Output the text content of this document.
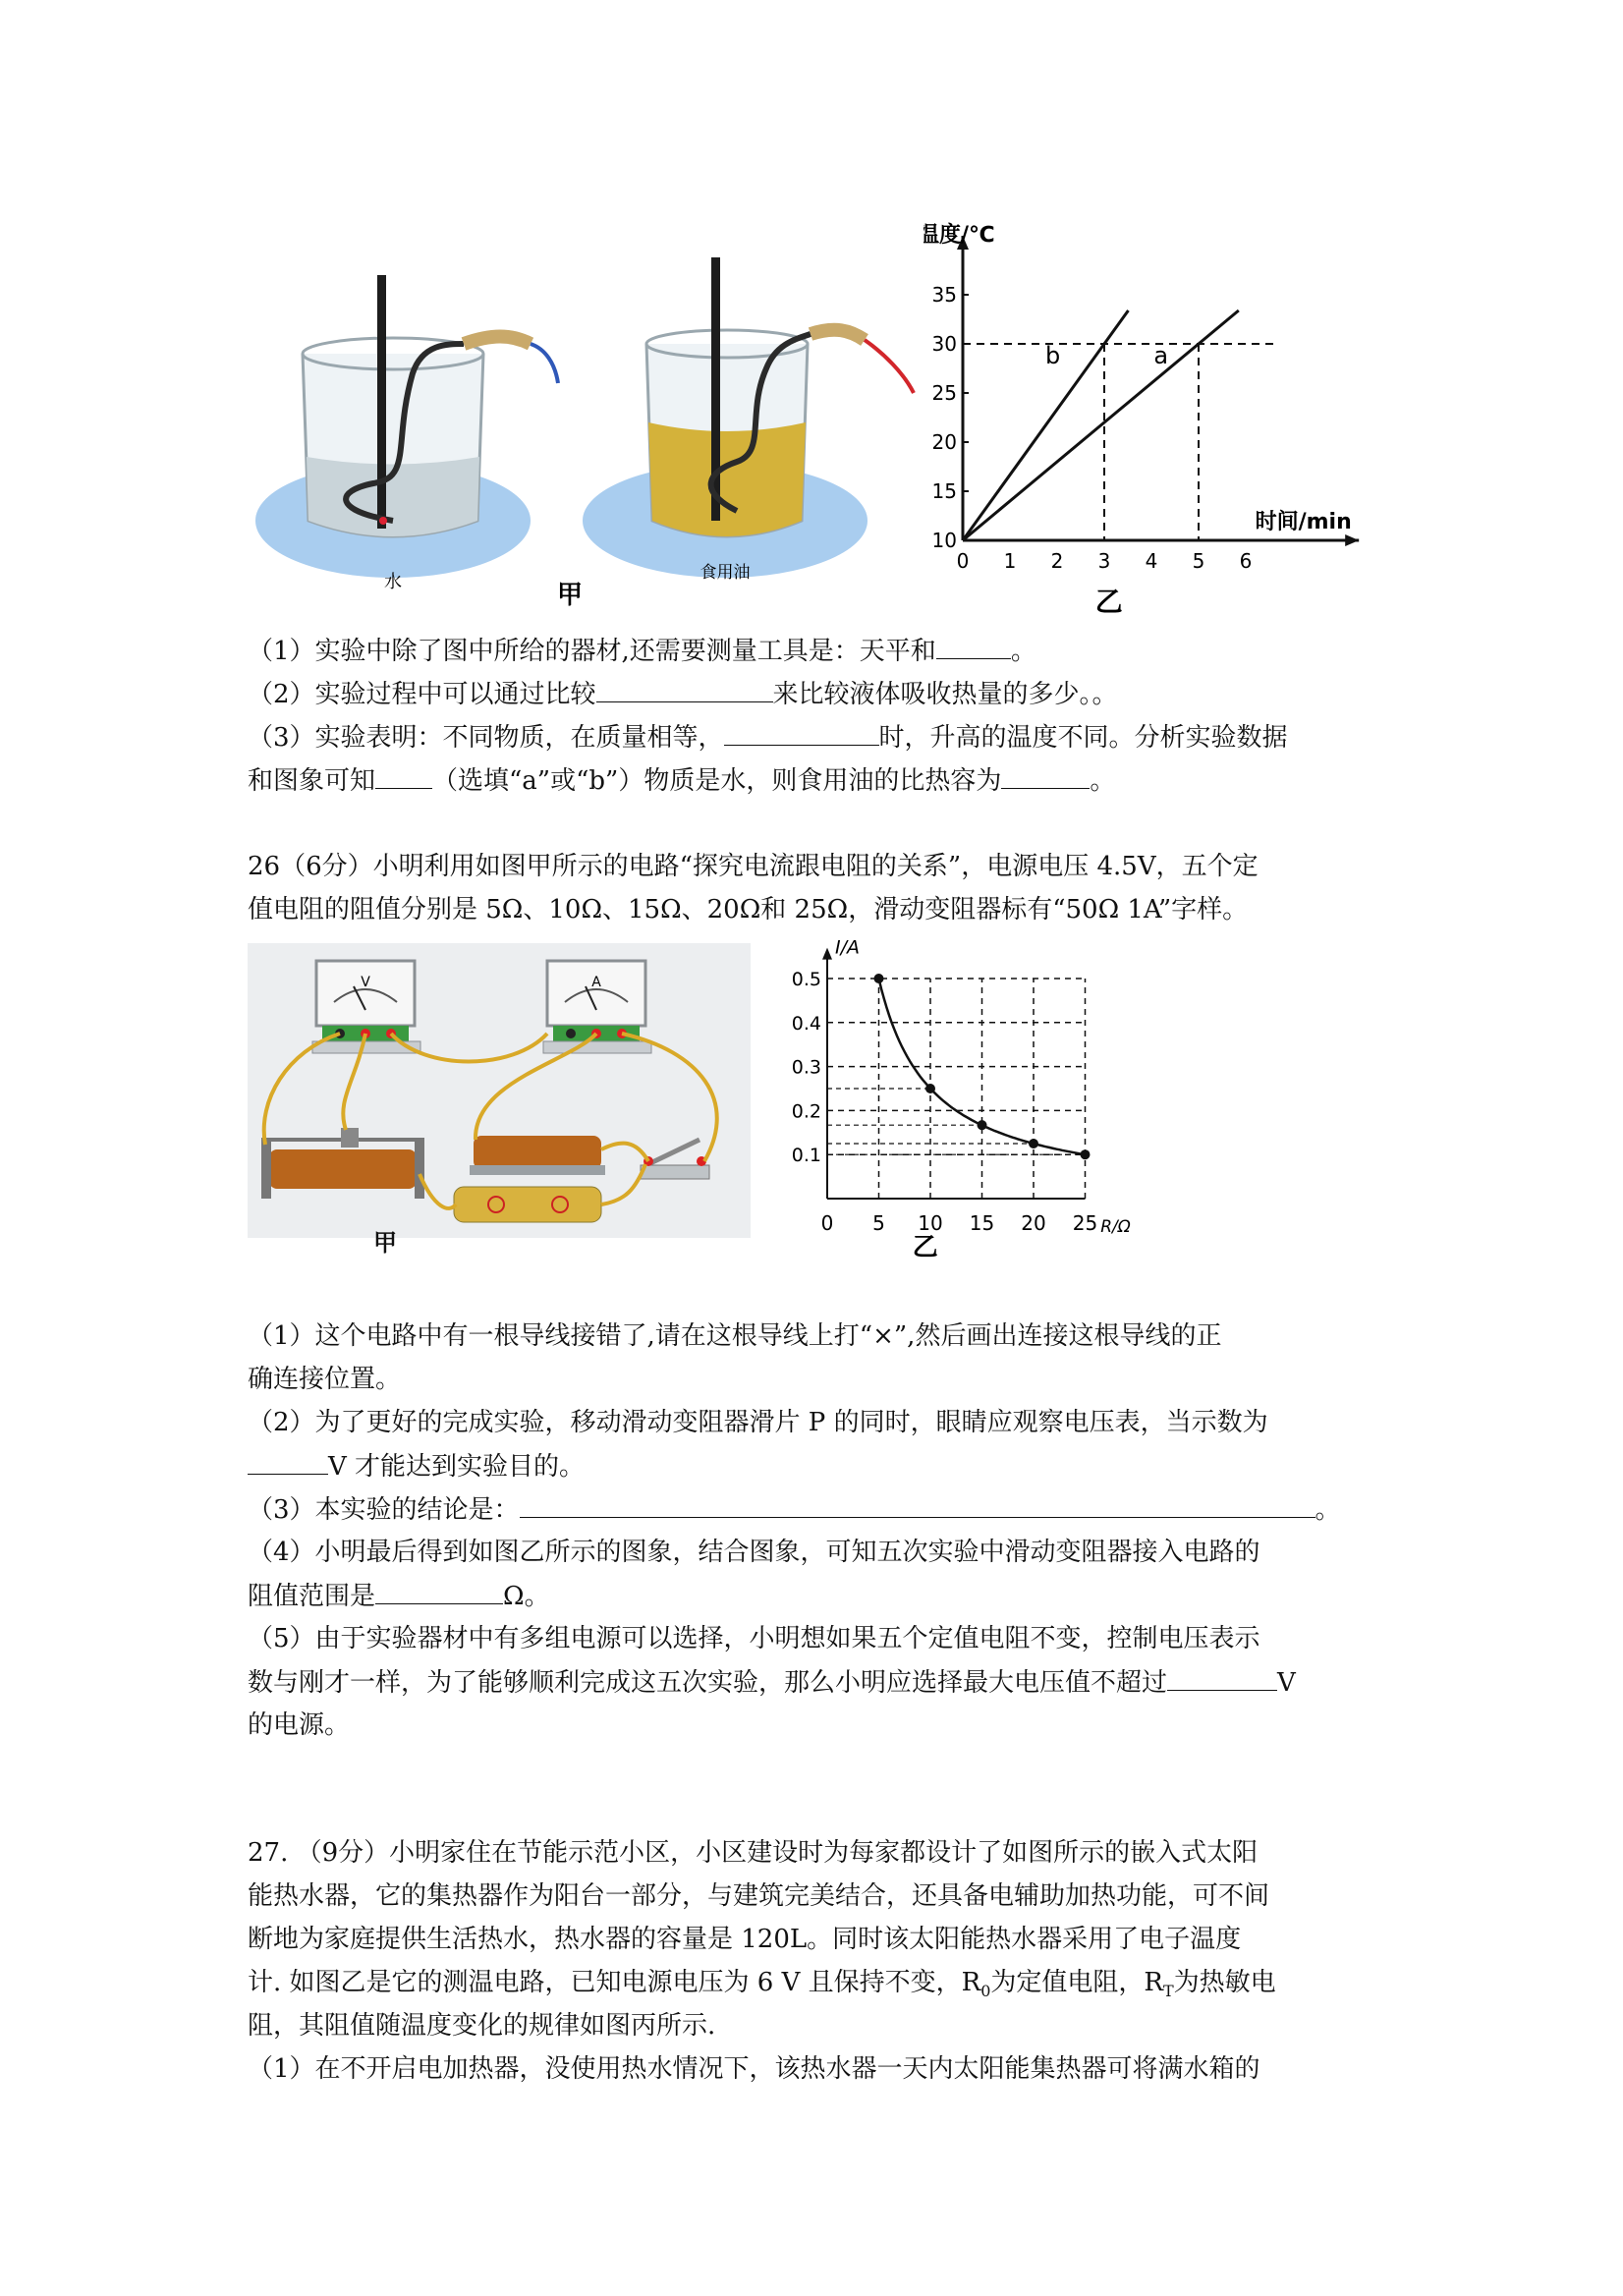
水	食用油
甲
0 1 2 3 4 5 6
10
15
20
25
30
35
温度/℃
时间/min
b	a
乙
（1）实验中除了图中所给的器材,还需要测量工具是：天平和	。
（2）实验过程中可以通过比较	来比较液体吸收热量的多少。。
（3）实验表明：不同物质，在质量相等，	时，升高的温度不同。分析实验数据
和图象可知 （选填“a”或“b”）物质是水，则食用油的比热容为	。
26（6分）小明利用如图甲所示的电路“探究电流跟电阻的关系”，电源电压 4.5V，五个定
值电阻的阻值分别是 5Ω、10Ω、15Ω、20Ω和 25Ω，滑动变阻器标有“50Ω 1A”字样。
V	A
甲
0.1
0.2
0.3
0.4
0.5
0 5 10 15 20 25
I/A
R/Ω
乙
（1）这个电路中有一根导线接错了,请在这根导线上打“×”,然后画出连接这根导线的正
确连接位置。
（2）为了更好的完成实验，移动滑动变阻器滑片 P 的同时，眼睛应观察电压表，当示数为
V 才能达到实验目的。
（3）本实验的结论是：	。
（4）小明最后得到如图乙所示的图象，结合图象，可知五次实验中滑动变阻器接入电路的
阻值范围是	Ω。
（5）由于实验器材中有多组电源可以选择，小明想如果五个定值电阻不变，控制电压表示
数与刚才一样，为了能够顺利完成这五次实验，那么小明应选择最大电压值不超过	V
的电源。
27. （9分）小明家住在节能示范小区，小区建设时为每家都设计了如图所示的嵌入式太阳
能热水器，它的集热器作为阳台一部分，与建筑完美结合，还具备电辅助加热功能，可不间
断地为家庭提供生活热水，热水器的容量是 120L。同时该太阳能热水器采用了电子温度
计. 如图乙是它的测温电路，已知电源电压为 6 V 且保持不变，$R_0$为定值电阻，$R_T$为热敏电
阻，其阻值随温度变化的规律如图丙所示.
（1）在不开启电加热器，没使用热水情况下，该热水器一天内太阳能集热器可将满水箱的
